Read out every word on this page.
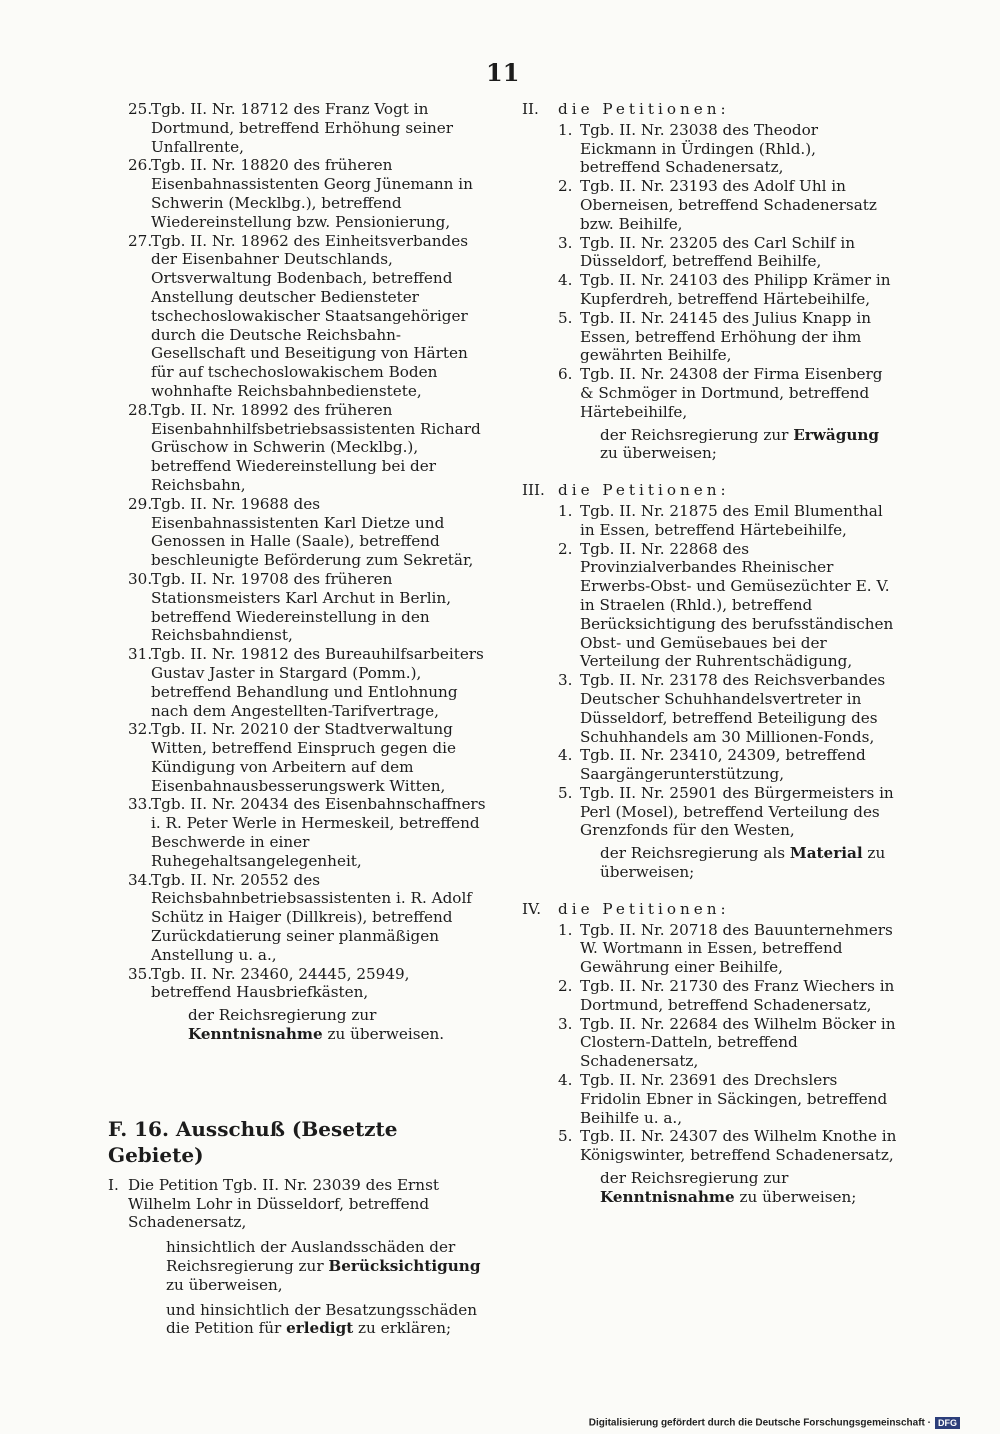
11
25 . Tgb. II. Nr. 18712 des Franz Vogt in Dortmund, betreffend Erhöhung seiner Unfallrente,
26 . Tgb. II. Nr. 18820 des früheren Eisenbahnassistenten Georg Jünemann in Schwerin (Mecklbg.), betreffend Wiedereinstellung bzw. Pensionierung,
27 . Tgb. II. Nr. 18962 des Einheitsverbandes der Eisenbahner Deutschlands, Ortsverwaltung Bodenbach, betreffend Anstellung deutscher Bediensteter tschechoslowakischer Staatsangehöriger durch die Deutsche Reichsbahn-Gesellschaft und Beseitigung von Härten für auf tschechoslowakischem Boden wohnhafte Reichsbahnbedienstete,
28 . Tgb. II. Nr. 18992 des früheren Eisenbahnhilfsbetriebsassistenten Richard Grüschow in Schwerin (Mecklbg.), betreffend Wiedereinstellung bei der Reichsbahn,
29 . Tgb. II. Nr. 19688 des Eisenbahnassistenten Karl Dietze und Genossen in Halle (Saale), betreffend beschleunigte Beförderung zum Sekretär,
30 . Tgb. II. Nr. 19708 des früheren Stationsmeisters Karl Archut in Berlin, betreffend Wiedereinstellung in den Reichsbahndienst,
31 . Tgb. II. Nr. 19812 des Bureauhilfsarbeiters Gustav Jaster in Stargard (Pomm.), betreffend Behandlung und Entlohnung nach dem Angestellten-Tarifvertrage,
32 . Tgb. II. Nr. 20210 der Stadtverwaltung Witten, betreffend Einspruch gegen die Kündigung von Arbeitern auf dem Eisenbahnausbesserungswerk Witten,
33 . Tgb. II. Nr. 20434 des Eisenbahnschaffners i. R. Peter Werle in Hermeskeil, betreffend Beschwerde in einer Ruhegehaltsangelegenheit,
34 . Tgb. II. Nr. 20552 des Reichsbahnbetriebsassistenten i. R. Adolf Schütz in Haiger (Dillkreis), betreffend Zurückdatierung seiner planmäßigen Anstellung u. a.,
35 . Tgb. II. Nr. 23460, 24445, 25949, betreffend Hausbriefkästen,

der Reichsregierung zur Kenntnisnahme zu überweisen.

F. 16. Ausschuß (Besetzte Gebiete)

I. Die Petition Tgb. II. Nr. 23039 des Ernst Wilhelm Lohr in Düsseldorf, betreffend Schadenersatz,

hinsichtlich der Auslandsschäden der Reichsregierung zur Berücksichtigung zu überweisen,

und hinsichtlich der Besatzungsschäden die Petition für erledigt zu erklären;

II. die Petitionen:

1 . Tgb. II. Nr. 23038 des Theodor Eickmann in Ürdingen (Rhld.), betreffend Schadenersatz,
2 . Tgb. II. Nr. 23193 des Adolf Uhl in Oberneisen, betreffend Schadenersatz bzw. Beihilfe,
3 . Tgb. II. Nr. 23205 des Carl Schilf in Düsseldorf, betreffend Beihilfe,
4 . Tgb. II. Nr. 24103 des Philipp Krämer in Kupferdreh, betreffend Härtebeihilfe,
5 . Tgb. II. Nr. 24145 des Julius Knapp in Essen, betreffend Erhöhung der ihm gewährten Beihilfe,
6 . Tgb. II. Nr. 24308 der Firma Eisenberg & Schmöger in Dortmund, betreffend Härtebeihilfe,

der Reichsregierung zur Erwägung zu überweisen;

III. die Petitionen:

1 . Tgb. II. Nr. 21875 des Emil Blumenthal in Essen, betreffend Härtebeihilfe,
2 . Tgb. II. Nr. 22868 des Provinzialverbandes Rheinischer Erwerbs-Obst- und Gemüsezüchter E. V. in Straelen (Rhld.), betreffend Berücksichtigung des berufsständischen Obst- und Gemüsebaues bei der Verteilung der Ruhrentschädigung,
3 . Tgb. II. Nr. 23178 des Reichsverbandes Deutscher Schuhhandelsvertreter in Düsseldorf, betreffend Beteiligung des Schuhhandels am 30 Millionen-Fonds,
4 . Tgb. II. Nr. 23410, 24309, betreffend Saargängerunterstützung,
5 . Tgb. II. Nr. 25901 des Bürgermeisters in Perl (Mosel), betreffend Verteilung des Grenzfonds für den Westen,

der Reichsregierung als Material zu überweisen;

IV. die Petitionen:

1 . Tgb. II. Nr. 20718 des Bauunternehmers W. Wortmann in Essen, betreffend Gewährung einer Beihilfe,
2 . Tgb. II. Nr. 21730 des Franz Wiechers in Dortmund, betreffend Schadenersatz,
3 . Tgb. II. Nr. 22684 des Wilhelm Böcker in Clostern-Datteln, betreffend Schadenersatz,
4 . Tgb. II. Nr. 23691 des Drechslers Fridolin Ebner in Säckingen, betreffend Beihilfe u. a.,
5 . Tgb. II. Nr. 24307 des Wilhelm Knothe in Königswinter, betreffend Schadenersatz,

der Reichsregierung zur Kenntnisnahme zu überweisen;

Digitalisierung gefördert durch die Deutsche Forschungsgemeinschaft · DFG
